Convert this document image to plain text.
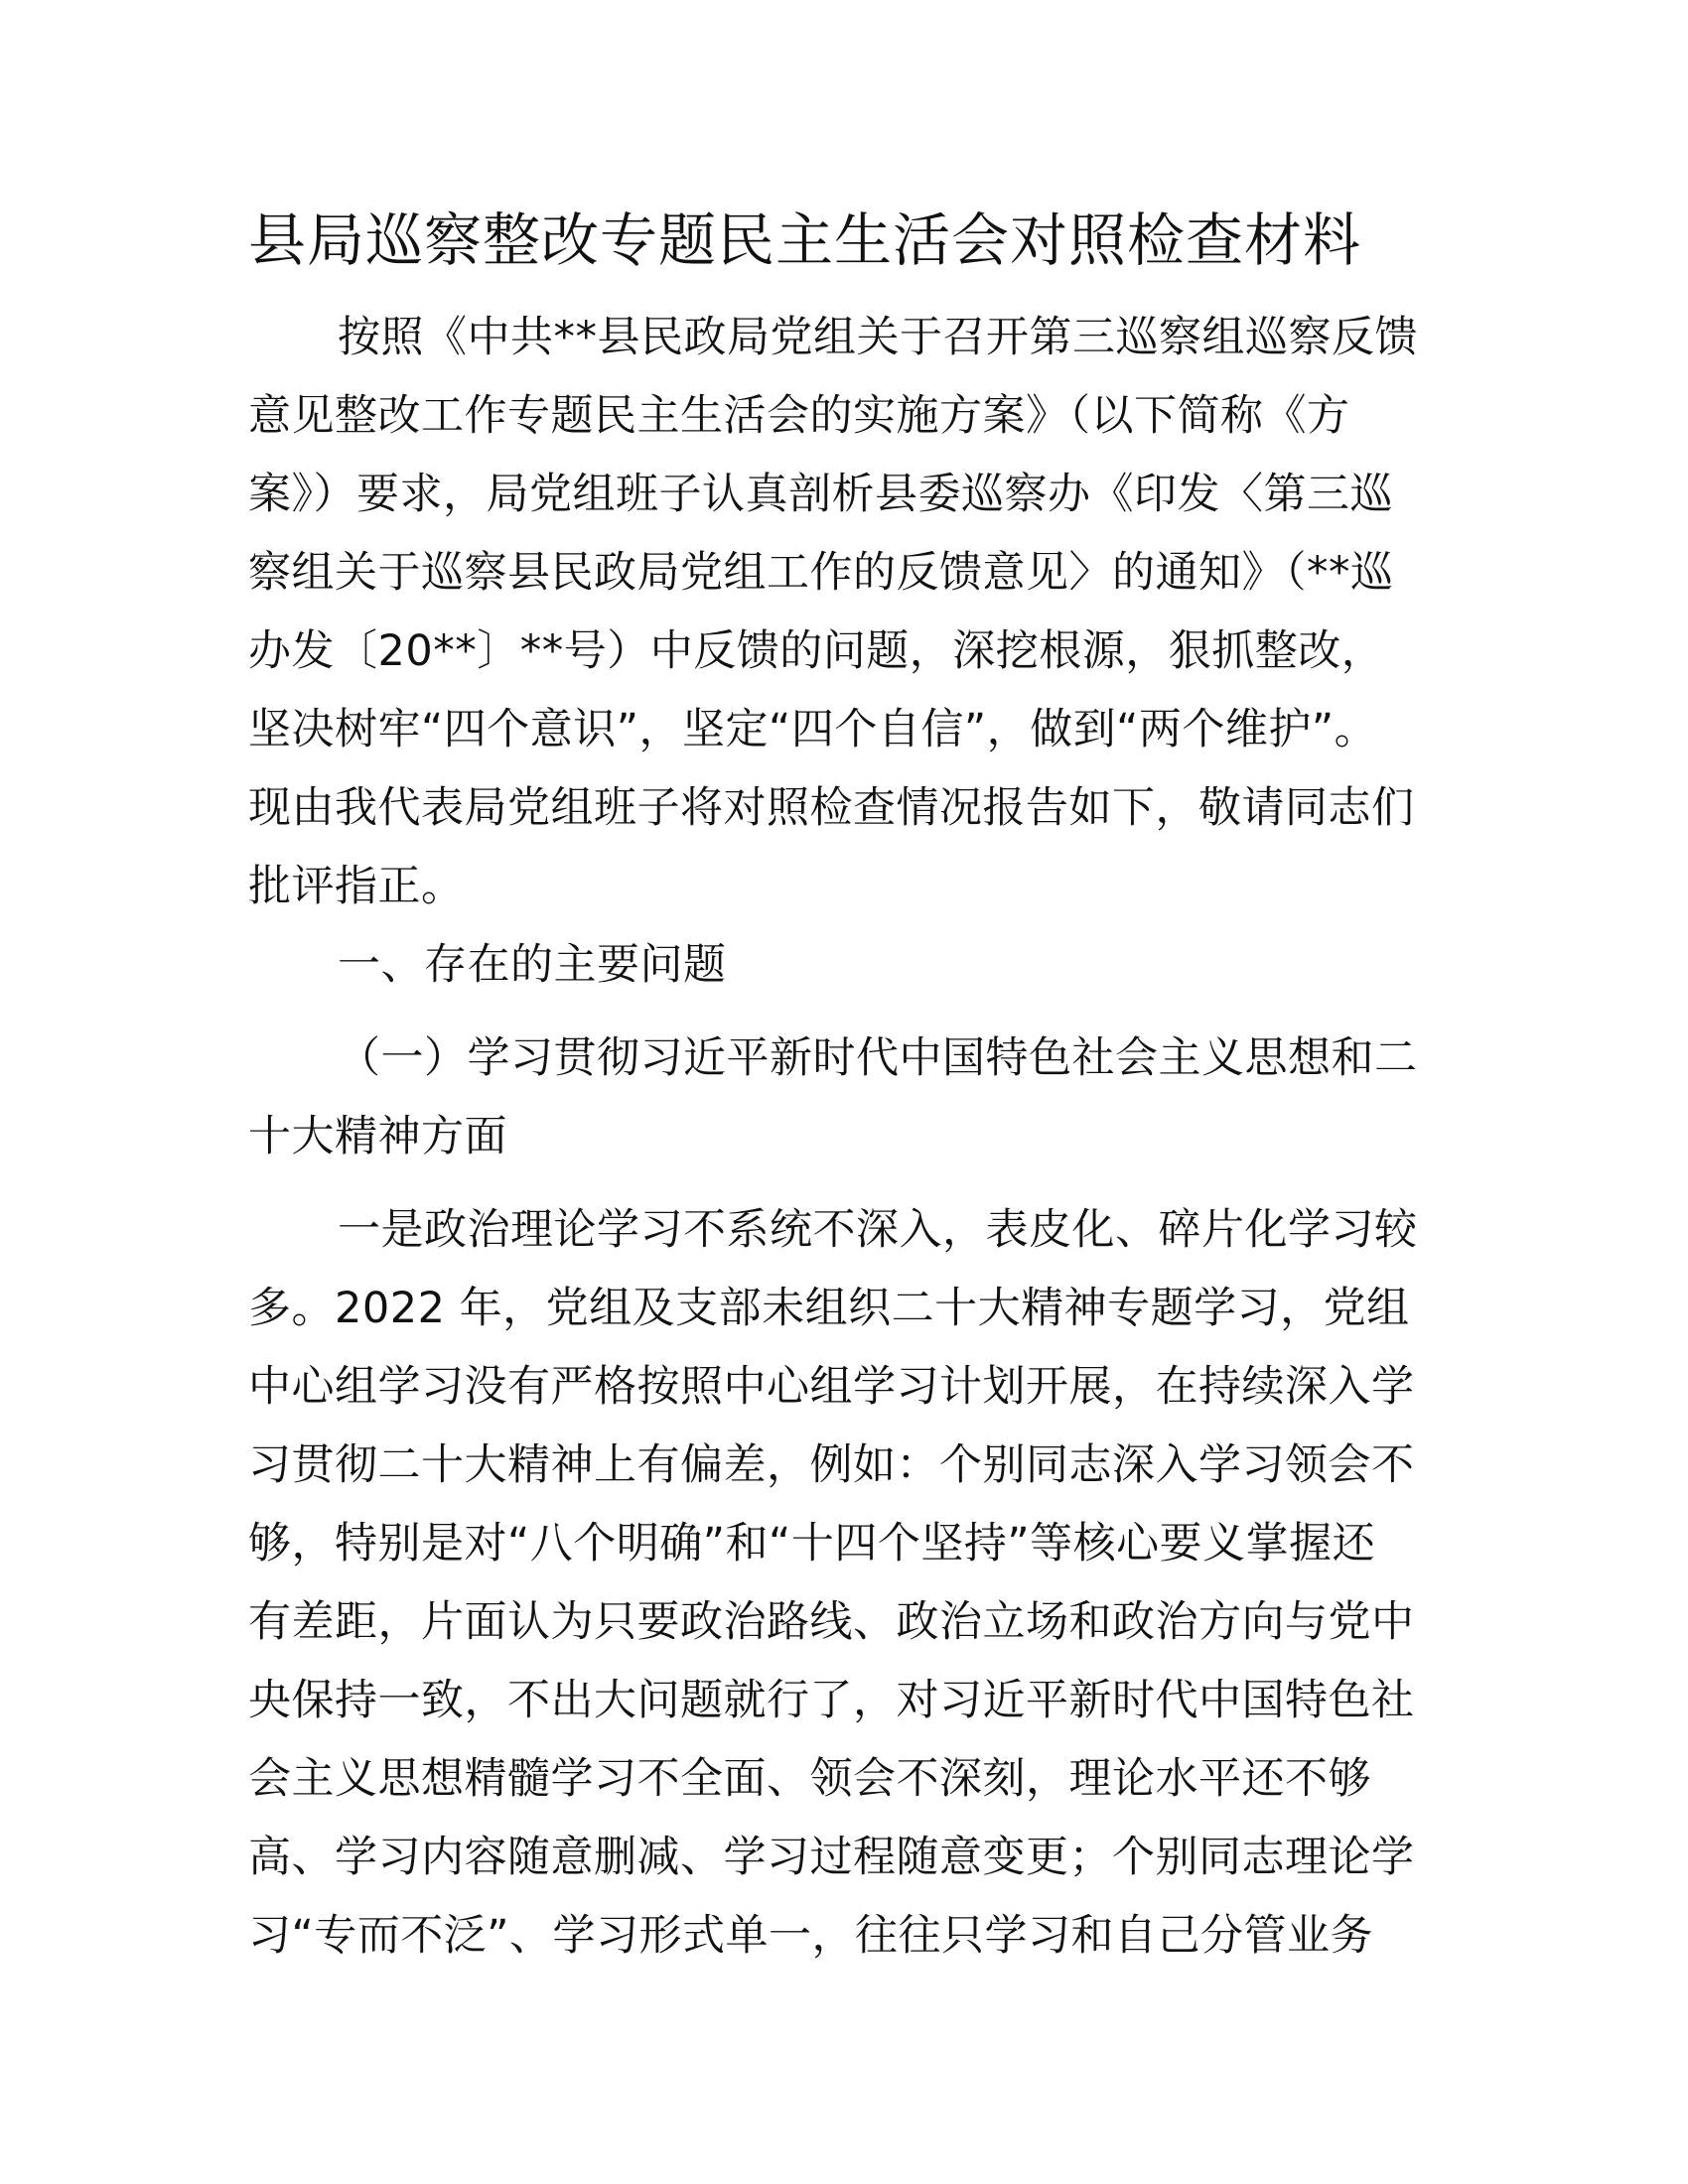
县局巡察整改专题民主生活会对照检查材料

按照《中共**县民政局党组关于召开第三巡察组巡察反馈

意见整改工作专题民主生活会的实施方案》（以下简称《方

案》）要求，局党组班子认真剖析县委巡察办《印发〈第三巡

察组关于巡察县民政局党组工作的反馈意见〉的通知》（**巡

办发〔20**〕**号）中反馈的问题，深挖根源，狠抓整改，

坚决树牢“四个意识”，坚定“四个自信”，做到“两个维护”。

现由我代表局党组班子将对照检查情况报告如下，敬请同志们

批评指正。

一、存在的主要问题

（一）学习贯彻习近平新时代中国特色社会主义思想和二

十大精神方面

一是政治理论学习不系统不深入，表皮化、碎片化学习较

多。2022 年，党组及支部未组织二十大精神专题学习，党组

中心组学习没有严格按照中心组学习计划开展，在持续深入学

习贯彻二十大精神上有偏差，例如：个别同志深入学习领会不

够，特别是对“八个明确”和“十四个坚持”等核心要义掌握还

有差距，片面认为只要政治路线、政治立场和政治方向与党中

央保持一致，不出大问题就行了，对习近平新时代中国特色社

会主义思想精髓学习不全面、领会不深刻，理论水平还不够

高、学习内容随意删减、学习过程随意变更；个别同志理论学

习“专而不泛”、学习形式单一，往往只学习和自己分管业务
